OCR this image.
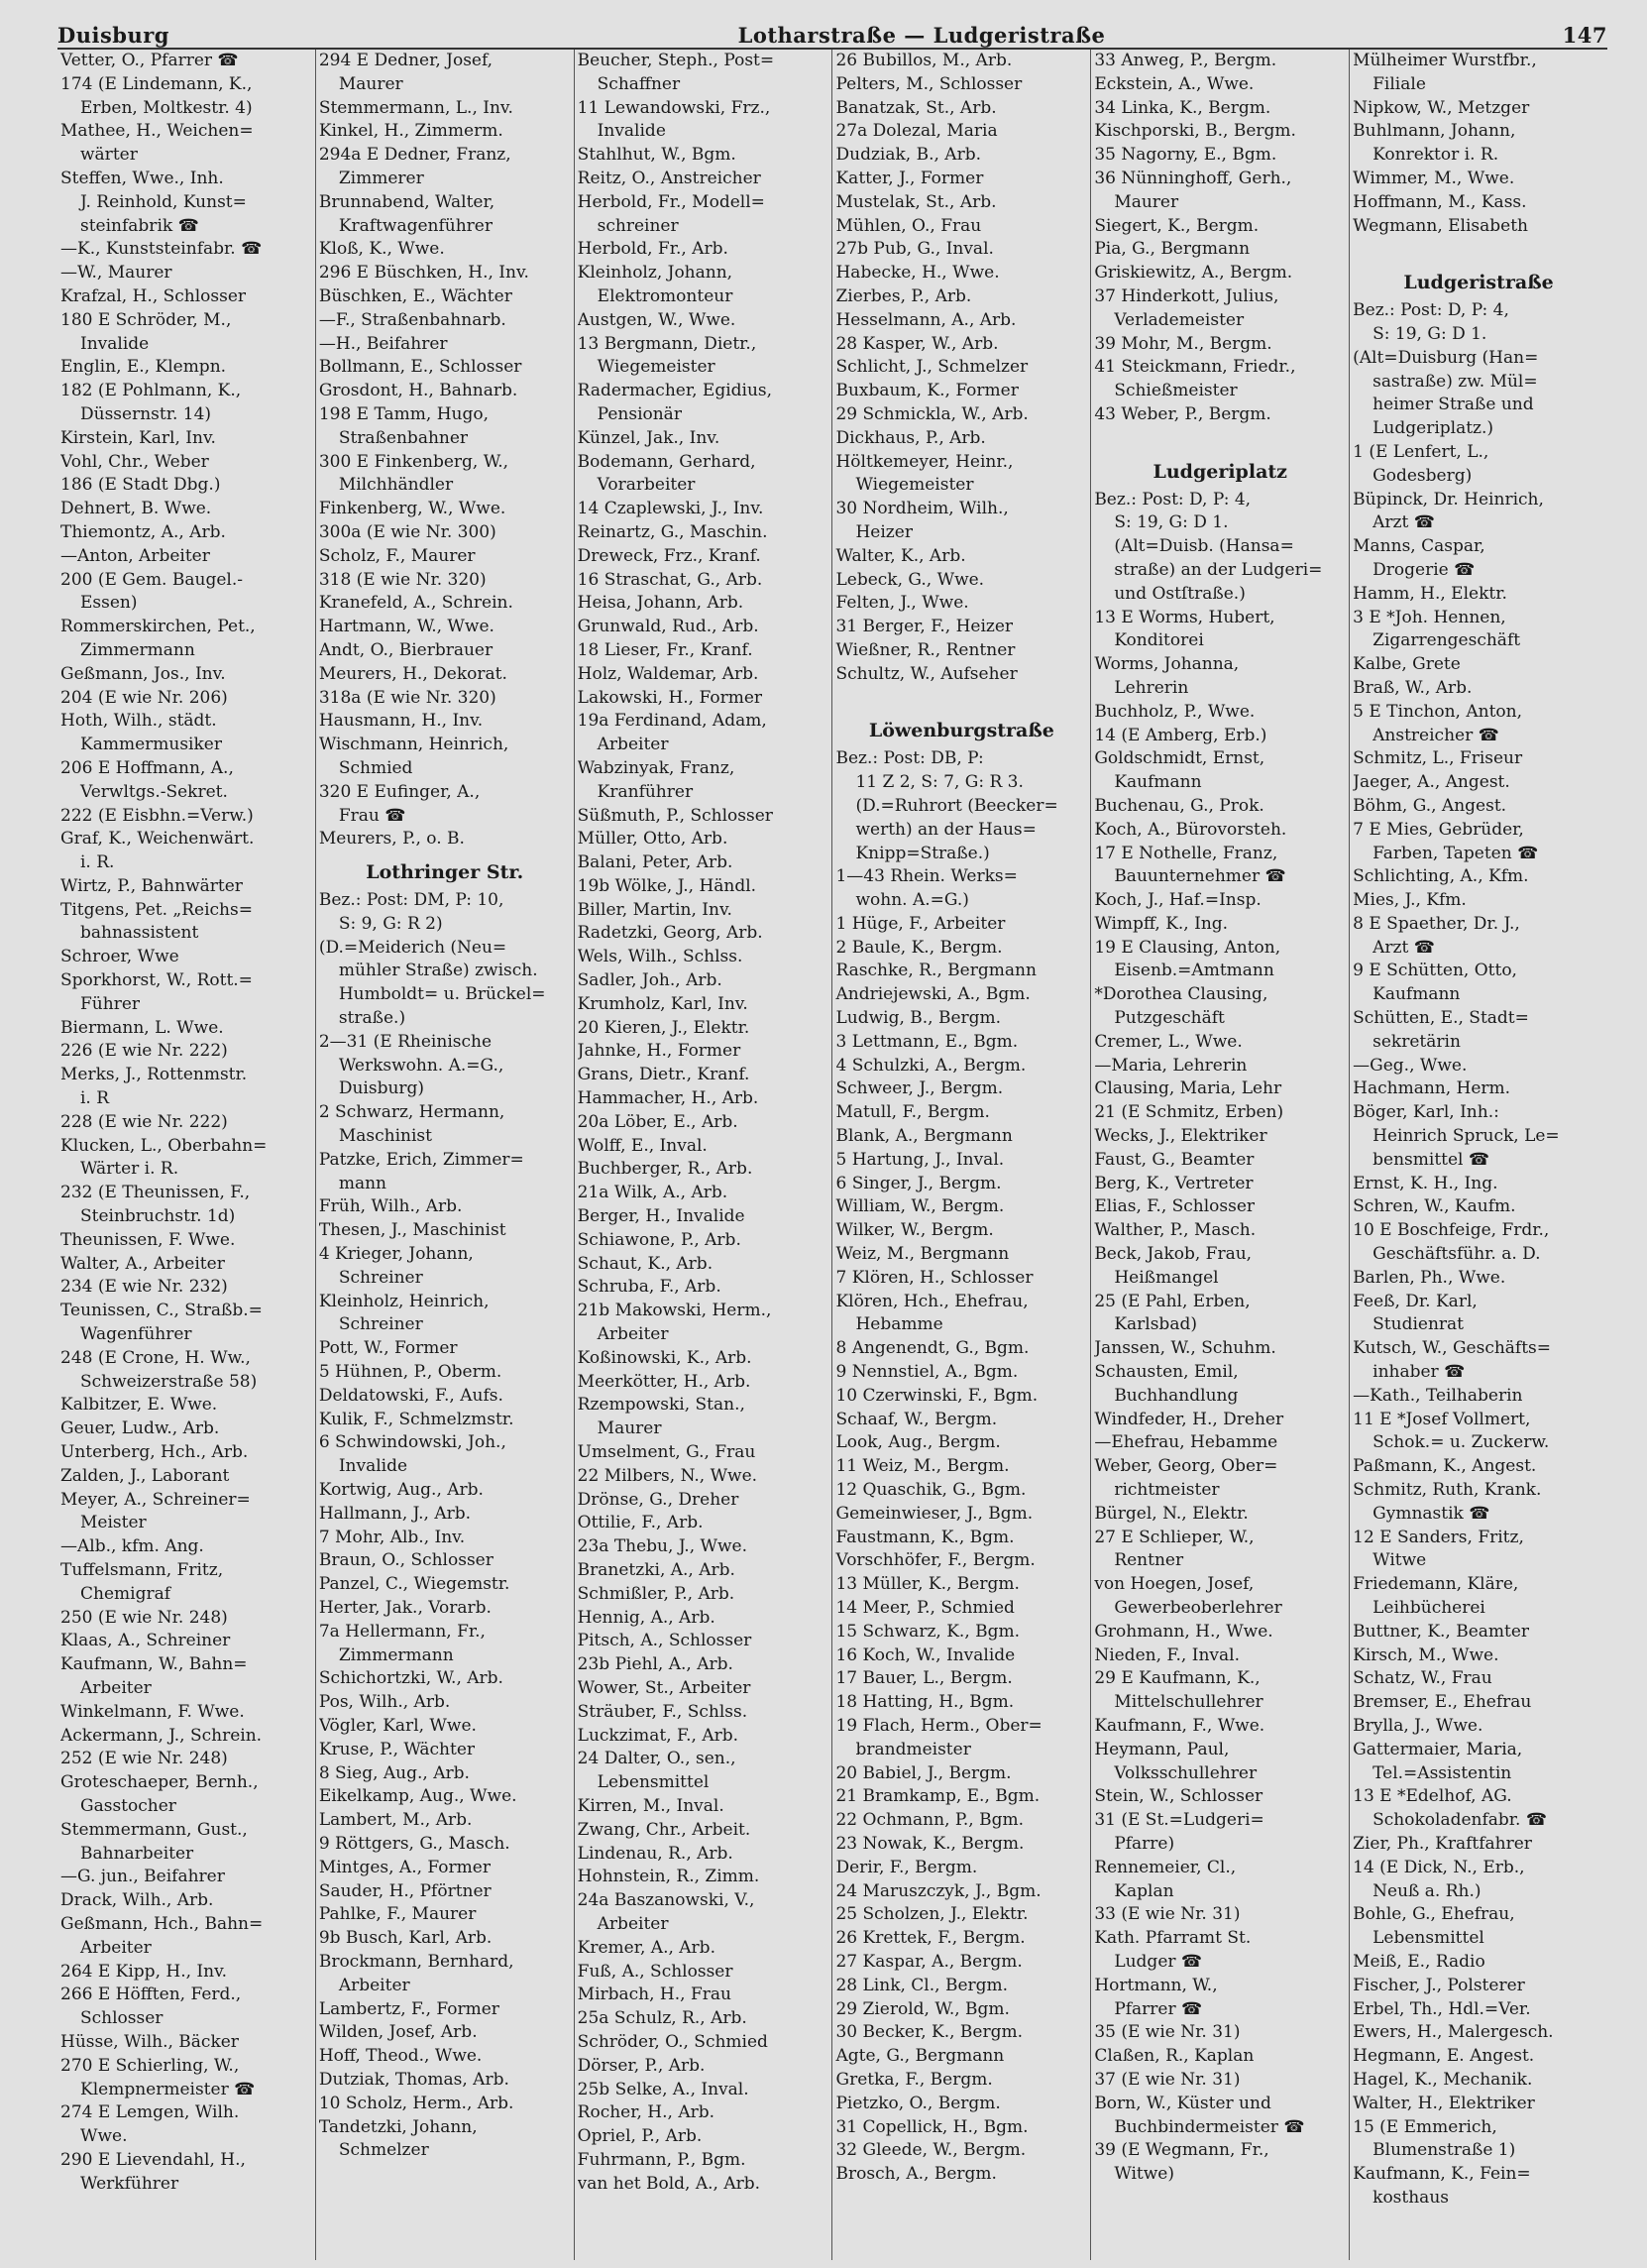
Duisburg	Lotharstraße — Ludgeristraße	147
Vetter, O., Pfarrer ☎
174 (E Lindemann, K.,
Erben, Moltkestr. 4)
Mathee, H., Weichen=
wärter
Steffen, Wwe., Inh.
J. Reinhold, Kunst=
steinfabrik ☎
—K., Kunststeinfabr. ☎
—W., Maurer
Krafzal, H., Schlosser
180 E Schröder, M.,
Invalide
Englin, E., Klempn.
182 (E Pohlmann, K.,
Düssernstr. 14)
Kirstein, Karl, Inv.
Vohl, Chr., Weber
186 (E Stadt Dbg.)
Dehnert, B. Wwe.
Thiemontz, A., Arb.
—Anton, Arbeiter
200 (E Gem. Baugel.-
Essen)
Rommerskirchen, Pet.,
Zimmermann
Geßmann, Jos., Inv.
204 (E wie Nr. 206)
Hoth, Wilh., städt.
Kammermusiker
206 E Hoffmann, A.,
Verwltgs.-Sekret.
222 (E Eisbhn.=Verw.)
Graf, K., Weichenwärt.
i. R.
Wirtz, P., Bahnwärter
Titgens, Pet. „Reichs=
bahnassistent
Schroer, Wwe
Sporkhorst, W., Rott.=
Führer
Biermann, L. Wwe.
226 (E wie Nr. 222)
Merks, J., Rottenmstr.
i. R
228 (E wie Nr. 222)
Klucken, L., Oberbahn=
Wärter i. R.
232 (E Theunissen, F.,
Steinbruchstr. 1d)
Theunissen, F. Wwe.
Walter, A., Arbeiter
234 (E wie Nr. 232)
Teunissen, C., Straßb.=
Wagenführer
248 (E Crone, H. Ww.,
Schweizerstraße 58)
Kalbitzer, E. Wwe.
Geuer, Ludw., Arb.
Unterberg, Hch., Arb.
Zalden, J., Laborant
Meyer, A., Schreiner=
Meister
—Alb., kfm. Ang.
Tuffelsmann, Fritz,
Chemigraf
250 (E wie Nr. 248)
Klaas, A., Schreiner
Kaufmann, W., Bahn=
Arbeiter
Winkelmann, F. Wwe.
Ackermann, J., Schrein.
252 (E wie Nr. 248)
Groteschaeper, Bernh.,
Gasstocher
Stemmermann, Gust.,
Bahnarbeiter
—G. jun., Beifahrer
Drack, Wilh., Arb.
Geßmann, Hch., Bahn=
Arbeiter
264 E Kipp, H., Inv.
266 E Höfften, Ferd.,
Schlosser
Hüsse, Wilh., Bäcker
270 E Schierling, W.,
Klempnermeister ☎
274 E Lemgen, Wilh.
Wwe.
290 E Lievendahl, H.,
Werkführer
294 E Dedner, Josef,
Maurer
Stemmermann, L., Inv.
Kinkel, H., Zimmerm.
294a E Dedner, Franz,
Zimmerer
Brunnabend, Walter,
Kraftwagenführer
Kloß, K., Wwe.
296 E Büschken, H., Inv.
Büschken, E., Wächter
—F., Straßenbahnarb.
—H., Beifahrer
Bollmann, E., Schlosser
Grosdont, H., Bahnarb.
198 E Tamm, Hugo,
Straßenbahner
300 E Finkenberg, W.,
Milchhändler
Finkenberg, W., Wwe.
300a (E wie Nr. 300)
Scholz, F., Maurer
318 (E wie Nr. 320)
Kranefeld, A., Schrein.
Hartmann, W., Wwe.
Andt, O., Bierbrauer
Meurers, H., Dekorat.
318a (E wie Nr. 320)
Hausmann, H., Inv.
Wischmann, Heinrich,
Schmied
320 E Eufinger, A.,
Frau ☎
Meurers, P., o. B.
Lothringer Str.
Bez.: Post: DM, P: 10,
S: 9, G: R 2)
(D.=Meiderich (Neu=
mühler Straße) zwisch.
Humboldt= u. Brückel=
straße.)
2—31 (E Rheinische
Werkswohn. A.=G.,
Duisburg)
2 Schwarz, Hermann,
Maschinist
Patzke, Erich, Zimmer=
mann
Früh, Wilh., Arb.
Thesen, J., Maschinist
4 Krieger, Johann,
Schreiner
Kleinholz, Heinrich,
Schreiner
Pott, W., Former
5 Hühnen, P., Oberm.
Deldatowski, F., Aufs.
Kulik, F., Schmelzmstr.
6 Schwindowski, Joh.,
Invalide
Kortwig, Aug., Arb.
Hallmann, J., Arb.
7 Mohr, Alb., Inv.
Braun, O., Schlosser
Panzel, C., Wiegemstr.
Herter, Jak., Vorarb.
7a Hellermann, Fr.,
Zimmermann
Schichortzki, W., Arb.
Pos, Wilh., Arb.
Vögler, Karl, Wwe.
Kruse, P., Wächter
8 Sieg, Aug., Arb.
Eikelkamp, Aug., Wwe.
Lambert, M., Arb.
9 Röttgers, G., Masch.
Mintges, A., Former
Sauder, H., Pförtner
Pahlke, F., Maurer
9b Busch, Karl, Arb.
Brockmann, Bernhard,
Arbeiter
Lambertz, F., Former
Wilden, Josef, Arb.
Hoff, Theod., Wwe.
Dutziak, Thomas, Arb.
10 Scholz, Herm., Arb.
Tandetzki, Johann,
Schmelzer
Beucher, Steph., Post=
Schaffner
11 Lewandowski, Frz.,
Invalide
Stahlhut, W., Bgm.
Reitz, O., Anstreicher
Herbold, Fr., Modell=
schreiner
Herbold, Fr., Arb.
Kleinholz, Johann,
Elektromonteur
Austgen, W., Wwe.
13 Bergmann, Dietr.,
Wiegemeister
Radermacher, Egidius,
Pensionär
Künzel, Jak., Inv.
Bodemann, Gerhard,
Vorarbeiter
14 Czaplewski, J., Inv.
Reinartz, G., Maschin.
Dreweck, Frz., Kranf.
16 Straschat, G., Arb.
Heisa, Johann, Arb.
Grunwald, Rud., Arb.
18 Lieser, Fr., Kranf.
Holz, Waldemar, Arb.
Lakowski, H., Former
19a Ferdinand, Adam,
Arbeiter
Wabzinyak, Franz,
Kranführer
Süßmuth, P., Schlosser
Müller, Otto, Arb.
Balani, Peter, Arb.
19b Wölke, J., Händl.
Biller, Martin, Inv.
Radetzki, Georg, Arb.
Wels, Wilh., Schlss.
Sadler, Joh., Arb.
Krumholz, Karl, Inv.
20 Kieren, J., Elektr.
Jahnke, H., Former
Grans, Dietr., Kranf.
Hammacher, H., Arb.
20a Löber, E., Arb.
Wolff, E., Inval.
Buchberger, R., Arb.
21a Wilk, A., Arb.
Berger, H., Invalide
Schiawone, P., Arb.
Schaut, K., Arb.
Schruba, F., Arb.
21b Makowski, Herm.,
Arbeiter
Koßinowski, K., Arb.
Meerkötter, H., Arb.
Rzempowski, Stan.,
Maurer
Umselment, G., Frau
22 Milbers, N., Wwe.
Drönse, G., Dreher
Ottilie, F., Arb.
23a Thebu, J., Wwe.
Branetzki, A., Arb.
Schmißler, P., Arb.
Hennig, A., Arb.
Pitsch, A., Schlosser
23b Piehl, A., Arb.
Wower, St., Arbeiter
Sträuber, F., Schlss.
Luckzimat, F., Arb.
24 Dalter, O., sen.,
Lebensmittel
Kirren, M., Inval.
Zwang, Chr., Arbeit.
Lindenau, R., Arb.
Hohnstein, R., Zimm.
24a Baszanowski, V.,
Arbeiter
Kremer, A., Arb.
Fuß, A., Schlosser
Mirbach, H., Frau
25a Schulz, R., Arb.
Schröder, O., Schmied
Dörser, P., Arb.
25b Selke, A., Inval.
Rocher, H., Arb.
Opriel, P., Arb.
Fuhrmann, P., Bgm.
van het Bold, A., Arb.
26 Bubillos, M., Arb.
Pelters, M., Schlosser
Banatzak, St., Arb.
27a Dolezal, Maria
Dudziak, B., Arb.
Katter, J., Former
Mustelak, St., Arb.
Mühlen, O., Frau
27b Pub, G., Inval.
Habecke, H., Wwe.
Zierbes, P., Arb.
Hesselmann, A., Arb.
28 Kasper, W., Arb.
Schlicht, J., Schmelzer
Buxbaum, K., Former
29 Schmickla, W., Arb.
Dickhaus, P., Arb.
Höltkemeyer, Heinr.,
Wiegemeister
30 Nordheim, Wilh.,
Heizer
Walter, K., Arb.
Lebeck, G., Wwe.
Felten, J., Wwe.
31 Berger, F., Heizer
Wießner, R., Rentner
Schultz, W., Aufseher

Löwenburgstraße
Bez.: Post: DB, P:
11 Z 2, S: 7, G: R 3.
(D.=Ruhrort (Beecker=
werth) an der Haus=
Knipp=Straße.)
1—43 Rhein. Werks=
wohn. A.=G.)
1 Hüge, F., Arbeiter
2 Baule, K., Bergm.
Raschke, R., Bergmann
Andriejewski, A., Bgm.
Ludwig, B., Bergm.
3 Lettmann, E., Bgm.
4 Schulzki, A., Bergm.
Schweer, J., Bergm.
Matull, F., Bergm.
Blank, A., Bergmann
5 Hartung, J., Inval.
6 Singer, J., Bergm.
William, W., Bergm.
Wilker, W., Bergm.
Weiz, M., Bergmann
7 Klören, H., Schlosser
Klören, Hch., Ehefrau,
Hebamme
8 Angenendt, G., Bgm.
9 Nennstiel, A., Bgm.
10 Czerwinski, F., Bgm.
Schaaf, W., Bergm.
Look, Aug., Bergm.
11 Weiz, M., Bergm.
12 Quaschik, G., Bgm.
Gemeinwieser, J., Bgm.
Faustmann, K., Bgm.
Vorschhöfer, F., Bergm.
13 Müller, K., Bergm.
14 Meer, P., Schmied
15 Schwarz, K., Bgm.
16 Koch, W., Invalide
17 Bauer, L., Bergm.
18 Hatting, H., Bgm.
19 Flach, Herm., Ober=
brandmeister
20 Babiel, J., Bergm.
21 Bramkamp, E., Bgm.
22 Ochmann, P., Bgm.
23 Nowak, K., Bergm.
Derir, F., Bergm.
24 Maruszczyk, J., Bgm.
25 Scholzen, J., Elektr.
26 Krettek, F., Bergm.
27 Kaspar, A., Bergm.
28 Link, Cl., Bergm.
29 Zierold, W., Bgm.
30 Becker, K., Bergm.
Agte, G., Bergmann
Gretka, F., Bergm.
Pietzko, O., Bergm.
31 Copellick, H., Bgm.
32 Gleede, W., Bergm.
Brosch, A., Bergm.
33 Anweg, P., Bergm.
Eckstein, A., Wwe.
34 Linka, K., Bergm.
Kischporski, B., Bergm.
35 Nagorny, E., Bgm.
36 Nünninghoff, Gerh.,
Maurer
Siegert, K., Bergm.
Pia, G., Bergmann
Griskiewitz, A., Bergm.
37 Hinderkott, Julius,
Verlademeister
39 Mohr, M., Bergm.
41 Steickmann, Friedr.,
Schießmeister
43 Weber, P., Bergm.

Ludgeriplatz
Bez.: Post: D, P: 4,
S: 19, G: D 1.
(Alt=Duisb. (Hansa=
straße) an der Ludgeri=
und Ostſtraße.)
13 E Worms, Hubert,
Konditorei
Worms, Johanna,
Lehrerin
Buchholz, P., Wwe.
14 (E Amberg, Erb.)
Goldschmidt, Ernst,
Kaufmann
Buchenau, G., Prok.
Koch, A., Bürovorsteh.
17 E Nothelle, Franz,
Bauunternehmer ☎
Koch, J., Haf.=Insp.
Wimpff, K., Ing.
19 E Clausing, Anton,
Eisenb.=Amtmann
*Dorothea Clausing,
Putzgeschäft
Cremer, L., Wwe.
—Maria, Lehrerin
Clausing, Maria, Lehr
21 (E Schmitz, Erben)
Wecks, J., Elektriker
Faust, G., Beamter
Berg, K., Vertreter
Elias, F., Schlosser
Walther, P., Masch.
Beck, Jakob, Frau,
Heißmangel
25 (E Pahl, Erben,
Karlsbad)
Janssen, W., Schuhm.
Schausten, Emil,
Buchhandlung
Windfeder, H., Dreher
—Ehefrau, Hebamme
Weber, Georg, Ober=
richtmeister
Bürgel, N., Elektr.
27 E Schlieper, W.,
Rentner
von Hoegen, Josef,
Gewerbeoberlehrer
Grohmann, H., Wwe.
Nieden, F., Inval.
29 E Kaufmann, K.,
Mittelschullehrer
Kaufmann, F., Wwe.
Heymann, Paul,
Volksschullehrer
Stein, W., Schlosser
31 (E St.=Ludgeri=
Pfarre)
Rennemeier, Cl.,
Kaplan
33 (E wie Nr. 31)
Kath. Pfarramt St.
Ludger ☎
Hortmann, W.,
Pfarrer ☎
35 (E wie Nr. 31)
Claßen, R., Kaplan
37 (E wie Nr. 31)
Born, W., Küster und
Buchbindermeister ☎
39 (E Wegmann, Fr.,
Witwe)
Mülheimer Wurstfbr.,
Filiale
Nipkow, W., Metzger
Buhlmann, Johann,
Konrektor i. R.
Wimmer, M., Wwe.
Hoffmann, M., Kass.
Wegmann, Elisabeth

Ludgeristraße
Bez.: Post: D, P: 4,
S: 19, G: D 1.
(Alt=Duisburg (Han=
sastraße) zw. Mül=
heimer Straße und
Ludgeriplatz.)
1 (E Lenfert, L.,
Godesberg)
Büpinck, Dr. Heinrich,
Arzt ☎
Manns, Caspar,
Drogerie ☎
Hamm, H., Elektr.
3 E *Joh. Hennen,
Zigarrengeschäft
Kalbe, Grete
Braß, W., Arb.
5 E Tinchon, Anton,
Anstreicher ☎
Schmitz, L., Friseur
Jaeger, A., Angest.
Böhm, G., Angest.
7 E Mies, Gebrüder,
Farben, Tapeten ☎
Schlichting, A., Kfm.
Mies, J., Kfm.
8 E Spaether, Dr. J.,
Arzt ☎
9 E Schütten, Otto,
Kaufmann
Schütten, E., Stadt=
sekretärin
—Geg., Wwe.
Hachmann, Herm.
Böger, Karl, Inh.:
Heinrich Spruck, Le=
bensmittel ☎
Ernst, K. H., Ing.
Schren, W., Kaufm.
10 E Boschfeige, Frdr.,
Geschäftsführ. a. D.
Barlen, Ph., Wwe.
Feeß, Dr. Karl,
Studienrat
Kutsch, W., Geschäfts=
inhaber ☎
—Kath., Teilhaberin
11 E *Josef Vollmert,
Schok.= u. Zuckerw.
Paßmann, K., Angest.
Schmitz, Ruth, Krank.
Gymnastik ☎
12 E Sanders, Fritz,
Witwe
Friedemann, Kläre,
Leihbücherei
Buttner, K., Beamter
Kirsch, M., Wwe.
Schatz, W., Frau
Bremser, E., Ehefrau
Brylla, J., Wwe.
Gattermaier, Maria,
Tel.=Assistentin
13 E *Edelhof, AG.
Schokoladenfabr. ☎
Zier, Ph., Kraftfahrer
14 (E Dick, N., Erb.,
Neuß a. Rh.)
Bohle, G., Ehefrau,
Lebensmittel
Meiß, E., Radio
Fischer, J., Polsterer
Erbel, Th., Hdl.=Ver.
Ewers, H., Malergesch.
Hegmann, E. Angest.
Hagel, K., Mechanik.
Walter, H., Elektriker
15 (E Emmerich,
Blumenstraße 1)
Kaufmann, K., Fein=
kosthaus
